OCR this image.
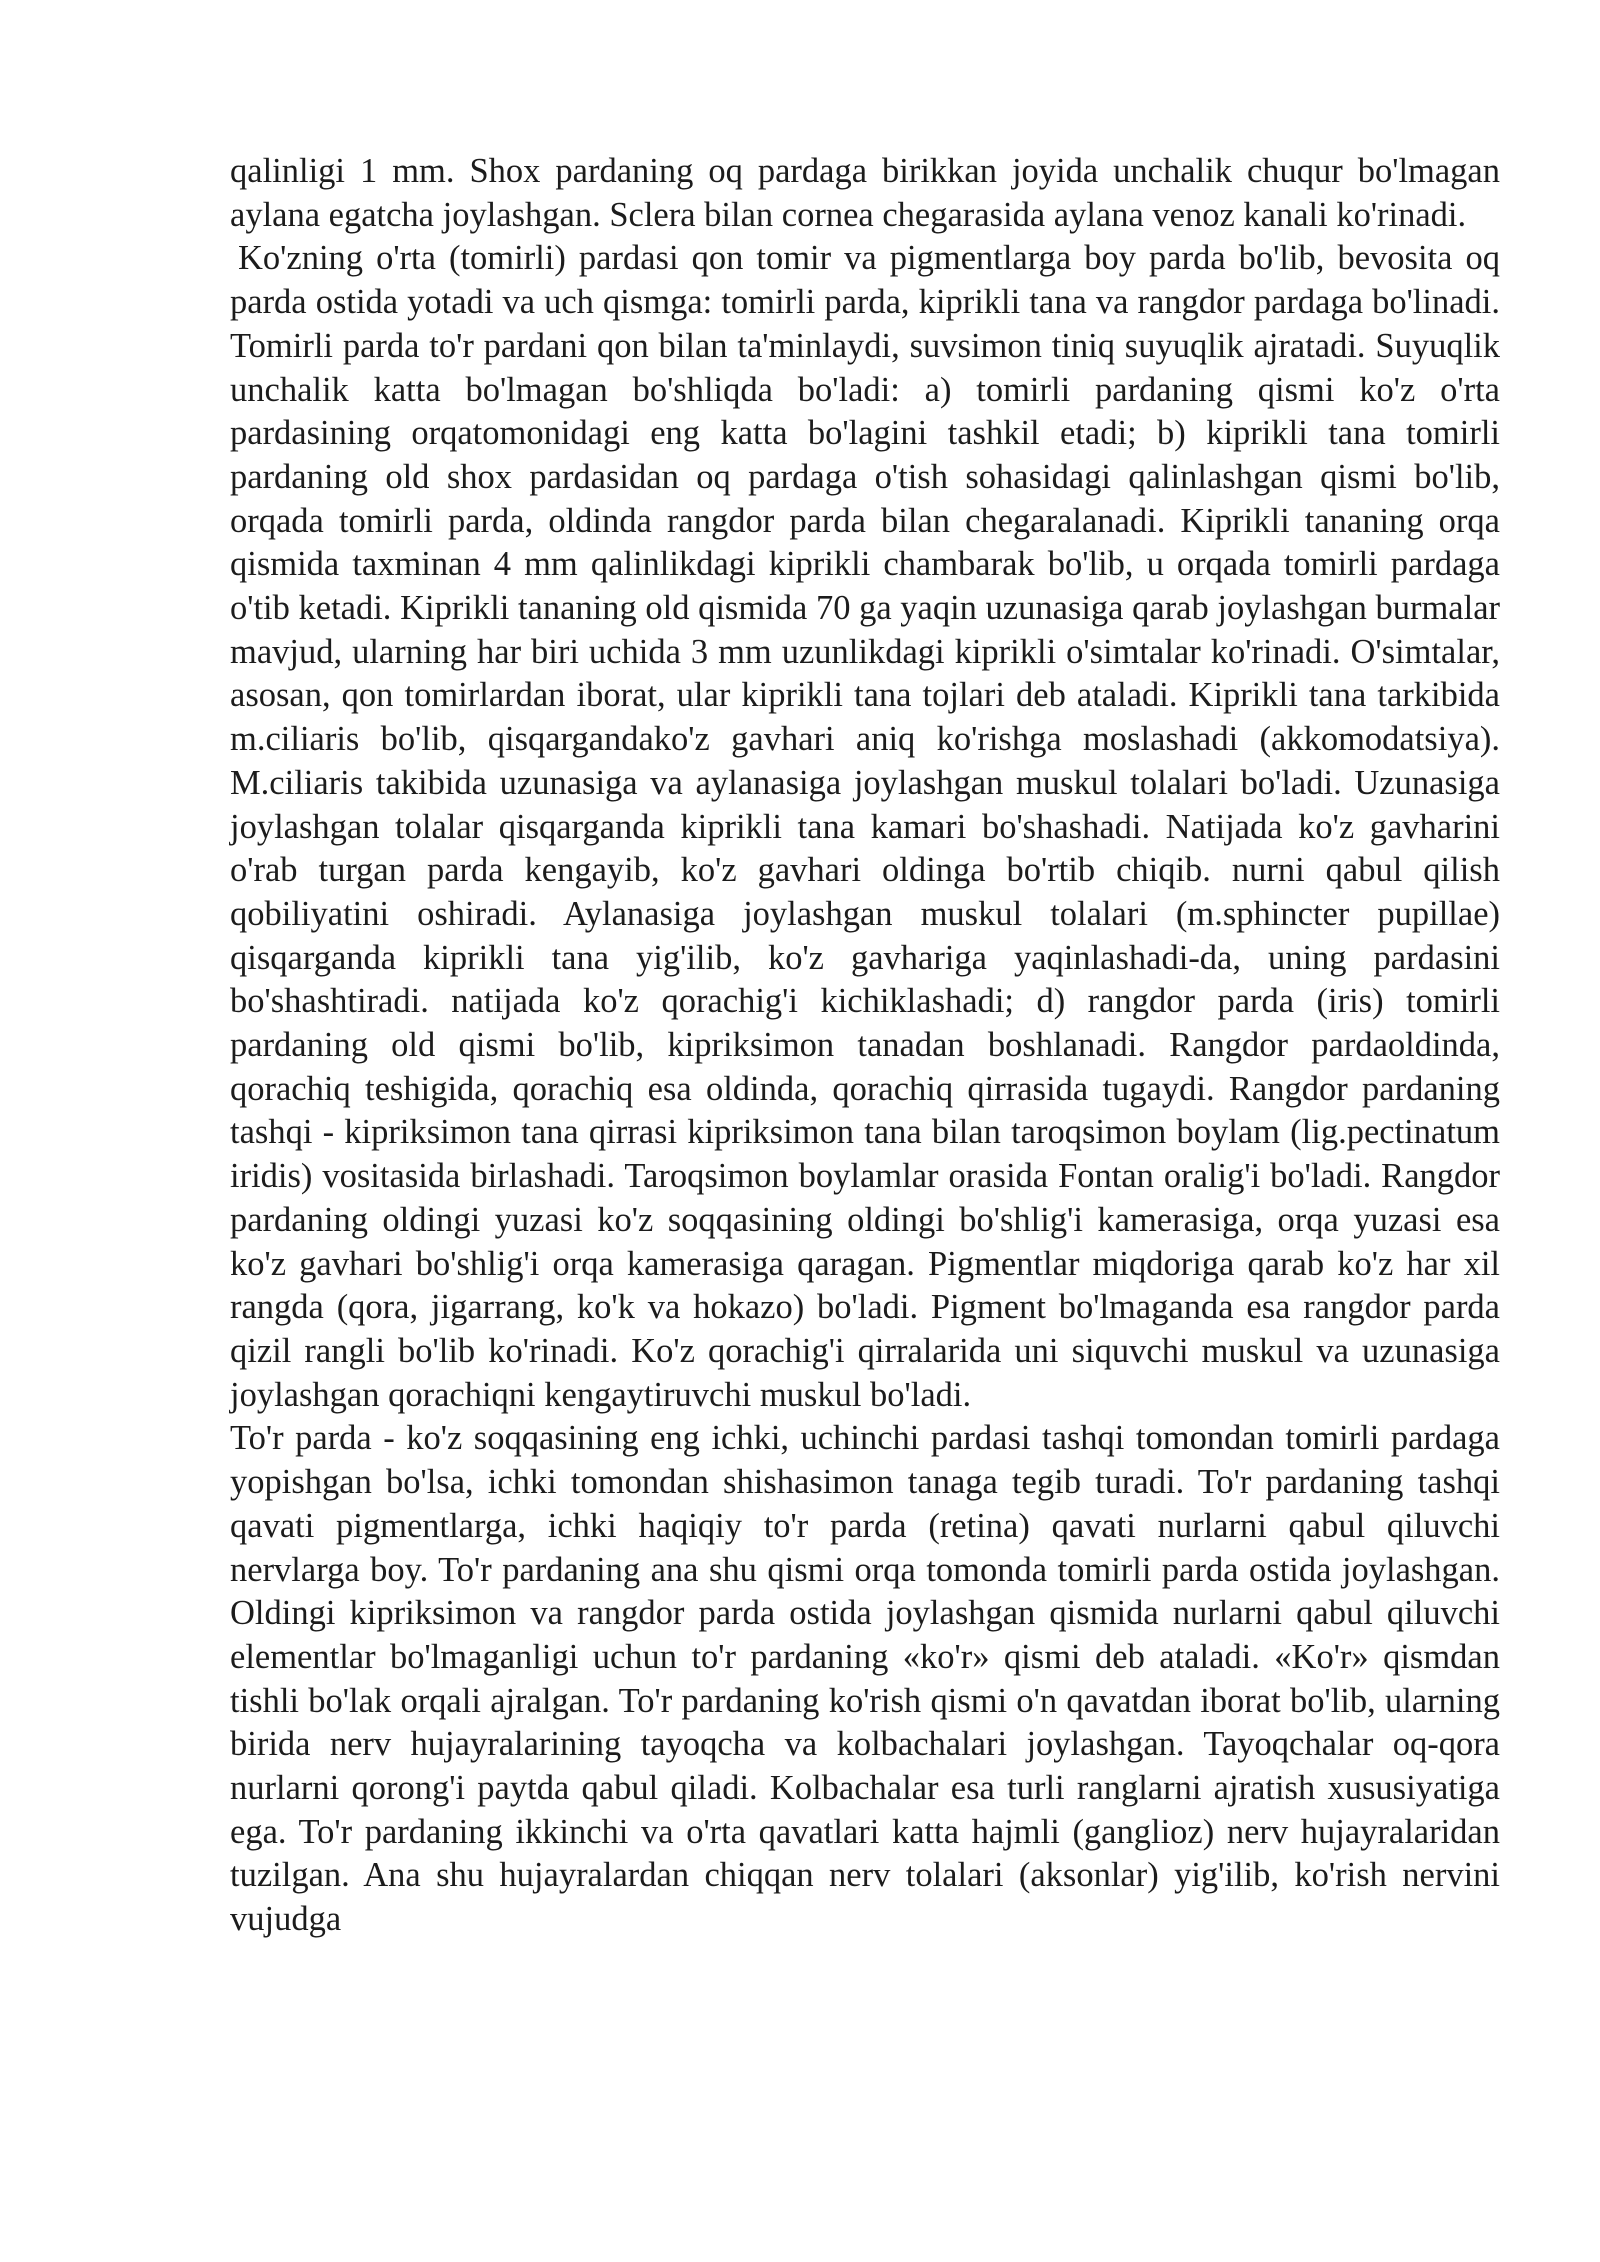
qalinligi 1 mm. Shox pardaning oq pardaga birikkan joyida unchalik chuqur bo'lmagan aylana egatcha joylashgan. Sclera bilan cornea chegarasida aylana venoz kanali ko'rinadi.

Ko'zning o'rta (tomirli) pardasi qon tomir va pigmentlarga boy parda bo'lib, bevosita oq parda ostida yotadi va uch qismga: tomirli parda, kiprikli tana va rangdor pardaga bo'linadi. Tomirli parda to'r pardani qon bilan ta'minlaydi, suvsimon tiniq suyuqlik ajratadi. Suyuqlik unchalik katta bo'lmagan bo'shliqda bo'ladi: a) tomirli pardaning qismi ko'z o'rta pardasining orqatomonidagi eng katta bo'lagini tashkil etadi; b) kiprikli tana tomirli pardaning old shox pardasidan oq pardaga o'tish sohasidagi qalinlashgan qismi bo'lib, orqada tomirli parda, oldinda rangdor parda bilan chegaralanadi. Kiprikli tananing orqa qismida taxminan 4 mm qalinlikdagi kiprikli chambarak bo'lib, u orqada tomirli pardaga o'tib ketadi. Kiprikli tananing old qismida 70 ga yaqin uzunasiga qarab joylashgan burmalar mavjud, ularning har biri uchida 3 mm uzunlikdagi kiprikli o'simtalar ko'rinadi. O'simtalar, asosan, qon tomirlardan iborat, ular kiprikli tana tojlari deb ataladi. Kiprikli tana tarkibida m.ciliaris bo'lib, qisqargandako'z gavhari aniq ko'rishga moslashadi (akkomodatsiya). M.ciliaris takibida uzunasiga va aylanasiga joylashgan muskul tolalari bo'ladi. Uzunasiga joylashgan tolalar qisqarganda kiprikli tana kamari bo'shashadi. Natijada ko'z gavharini o'rab turgan parda kengayib, ko'z gavhari oldinga bo'rtib chiqib. nurni qabul qilish qobiliyatini oshiradi. Aylanasiga joylashgan muskul tolalari (m.sphincter pupillae) qisqarganda kiprikli tana yig'ilib, ko'z gavhariga yaqinlashadi-da, uning pardasini bo'shashtiradi. natijada ko'z qorachig'i kichiklashadi; d) rangdor parda (iris) tomirli pardaning old qismi bo'lib, kipriksimon tanadan boshlanadi. Rangdor pardaoldinda, qorachiq teshigida, qorachiq esa oldinda, qorachiq qirrasida tugaydi. Rangdor pardaning tashqi - kipriksimon tana qirrasi kipriksimon tana bilan taroqsimon boylam (lig.pectinatum iridis) vositasida birlashadi. Taroqsimon boylamlar orasida Fontan oralig'i bo'ladi. Rangdor pardaning oldingi yuzasi ko'z soqqasining oldingi bo'shlig'i kamerasiga, orqa yuzasi esa ko'z gavhari bo'shlig'i orqa kamerasiga qaragan. Pigmentlar miqdoriga qarab ko'z har xil rangda (qora, jigarrang, ko'k va hokazo) bo'ladi. Pigment bo'lmaganda esa rangdor parda qizil rangli bo'lib ko'rinadi. Ko'z qorachig'i qirralarida uni siquvchi muskul va uzunasiga joylashgan qorachiqni kengaytiruvchi muskul bo'ladi.

To'r parda - ko'z soqqasining eng ichki, uchinchi pardasi tashqi tomondan tomirli pardaga yopishgan bo'lsa, ichki tomondan shishasimon tanaga tegib turadi. To'r pardaning tashqi qavati pigmentlarga, ichki haqiqiy to'r parda (retina) qavati nurlarni qabul qiluvchi nervlarga boy. To'r pardaning ana shu qismi orqa tomonda tomirli parda ostida joylashgan. Oldingi kipriksimon va rangdor parda ostida joylashgan qismida nurlarni qabul qiluvchi elementlar bo'lmaganligi uchun to'r pardaning «ko'r» qismi deb ataladi. «Ko'r» qismdan tishli bo'lak orqali ajralgan. To'r pardaning ko'rish qismi o'n qavatdan iborat bo'lib, ularning birida nerv hujayralarining tayoqcha va kolbachalari joylashgan. Tayoqchalar oq-qora nurlarni qorong'i paytda qabul qiladi. Kolbachalar esa turli ranglarni ajratish xususiyatiga ega. To'r pardaning ikkinchi va o'rta qavatlari katta hajmli (ganglioz) nerv hujayralaridan tuzilgan. Ana shu hujayralardan chiqqan nerv tolalari (aksonlar) yig'ilib, ko'rish nervini vujudga
